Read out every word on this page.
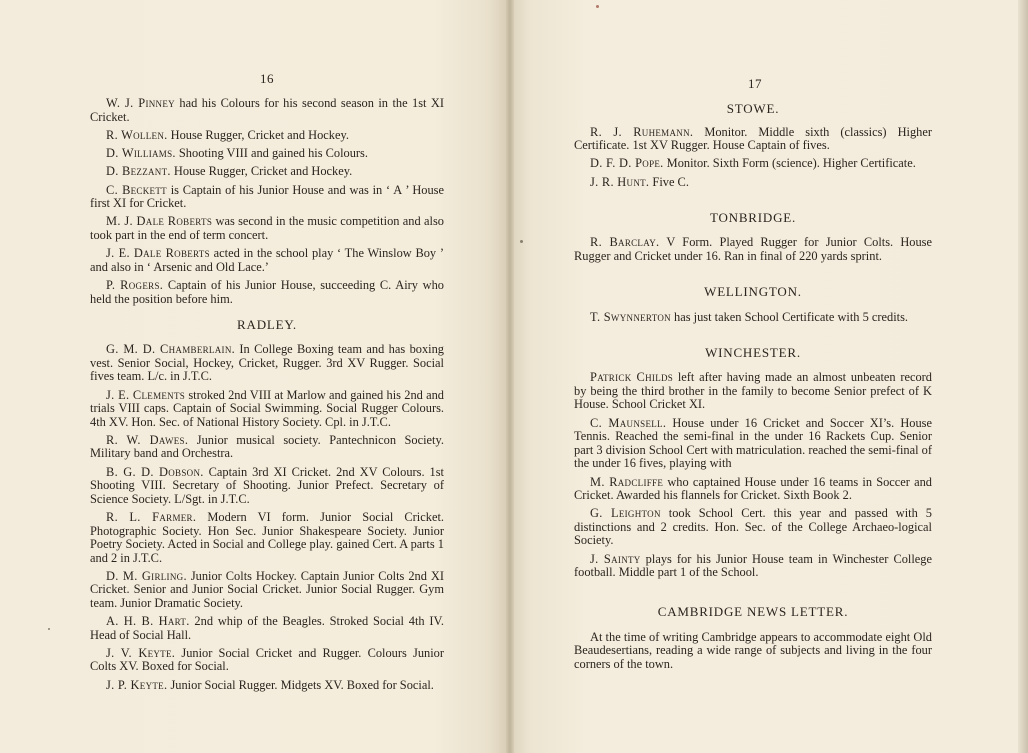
16

W. J. Pinney had his Colours for his second season in the 1st XI Cricket.

R. Wollen. House Rugger, Cricket and Hockey.

D. Williams. Shooting VIII and gained his Colours.

D. Bezzant. House Rugger, Cricket and Hockey.

C. Beckett is Captain of his Junior House and was in ‘ A ’ House first XI for Cricket.

M. J. Dale Roberts was second in the music competition and also took part in the end of term concert.

J. E. Dale Roberts acted in the school play ‘ The Winslow Boy ’ and also in ‘ Arsenic and Old Lace.’

P. Rogers. Captain of his Junior House, succeeding C. Airy who held the position before him.

RADLEY.

G. M. D. Chamberlain. In College Boxing team and has boxing vest. Senior Social, Hockey, Cricket, Rugger. 3rd XV Rugger. Social fives team. L/c. in J.T.C.

J. E. Clements stroked 2nd VIII at Marlow and gained his 2nd and trials VIII caps. Captain of Social Swimming. Social Rugger Colours. 4th XV. Hon. Sec. of National History Society. Cpl. in J.T.C.

R. W. Dawes. Junior musical society. Pantechnicon Society. Military band and Orchestra.

B. G. D. Dobson. Captain 3rd XI Cricket. 2nd XV Colours. 1st Shooting VIII. Secretary of Shooting. Junior Prefect. Secretary of Science Society. L/Sgt. in J.T.C.

R. L. Farmer. Modern VI form. Junior Social Cricket. Photographic Society. Hon Sec. Junior Shakespeare Society. Junior Poetry Society. Acted in Social and College play. gained Cert. A parts 1 and 2 in J.T.C.

D. M. Girling. Junior Colts Hockey. Captain Junior Colts 2nd XI Cricket. Senior and Junior Social Cricket. Junior Social Rugger. Gym team. Junior Dramatic Society.

A. H. B. Hart. 2nd whip of the Beagles. Stroked Social 4th IV. Head of Social Hall.

J. V. Keyte. Junior Social Cricket and Rugger. Colours Junior Colts XV. Boxed for Social.

J. P. Keyte. Junior Social Rugger. Midgets XV. Boxed for Social.

17
STOWE.

R. J. Ruhemann. Monitor. Middle sixth (classics) Higher Certificate. 1st XV Rugger. House Captain of fives.

D. F. D. Pope. Monitor. Sixth Form (science). Higher Certificate.

J. R. Hunt. Five C.

TONBRIDGE.

R. Barclay. V Form. Played Rugger for Junior Colts. House Rugger and Cricket under 16. Ran in final of 220 yards sprint.

WELLINGTON.

T. Swynnerton has just taken School Certificate with 5 credits.

WINCHESTER.

Patrick Childs left after having made an almost unbeaten record by being the third brother in the family to become Senior prefect of K House. School Cricket XI.

C. Maunsell. House under 16 Cricket and Soccer XI’s. House Tennis. Reached the semi-final in the under 16 Rackets Cup. Senior part 3 division School Cert with matriculation. reached the semi-final of the under 16 fives, playing with

M. Radcliffe who captained House under 16 teams in Soccer and Cricket. Awarded his flannels for Cricket. Sixth Book 2.

G. Leighton took School Cert. this year and passed with 5 distinctions and 2 credits. Hon. Sec. of the College Archaeo-logical Society.

J. Sainty plays for his Junior House team in Winchester College football. Middle part 1 of the School.

CAMBRIDGE NEWS LETTER.

At the time of writing Cambridge appears to accommodate eight Old Beaudesertians, reading a wide range of subjects and living in the four corners of the town.
